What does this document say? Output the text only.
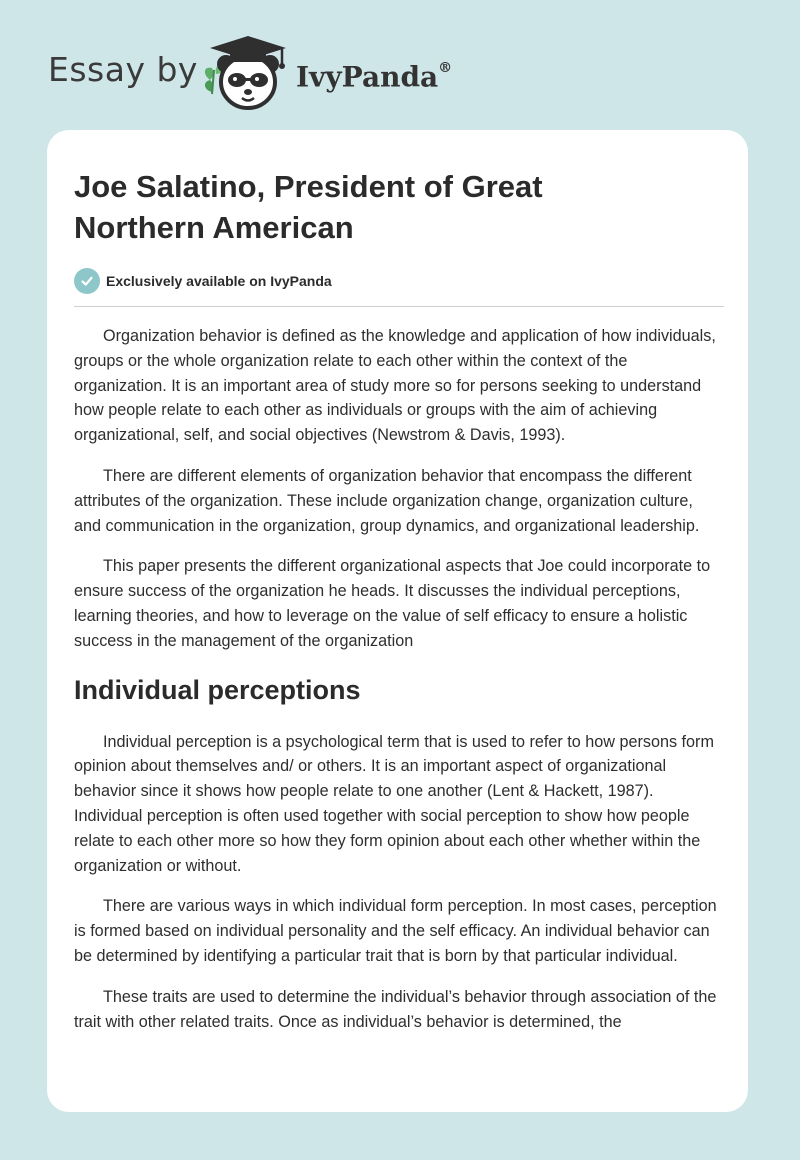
Essay by	IvyPanda®
Joe Salatino, President of Great Northern American
Exclusively available on IvyPanda

Organization behavior is defined as the knowledge and application of how individuals, groups or the whole organization relate to each other within the context of the organization. It is an important area of study more so for persons seeking to understand how people relate to each other as individuals or groups with the aim of achieving organizational, self, and social objectives (Newstrom & Davis, 1993).

There are different elements of organization behavior that encompass the different attributes of the organization. These include organization change, organization culture, and communication in the organization, group dynamics, and organizational leadership.

This paper presents the different organizational aspects that Joe could incorporate to ensure success of the organization he heads. It discusses the individual perceptions, learning theories, and how to leverage on the value of self efficacy to ensure a holistic success in the management of the organization

Individual perceptions

Individual perception is a psychological term that is used to refer to how persons form opinion about themselves and/ or others. It is an important aspect of organizational behavior since it shows how people relate to one another (Lent & Hackett, 1987). Individual perception is often used together with social perception to show how people relate to each other more so how they form opinion about each other whether within the organization or without.

There are various ways in which individual form perception. In most cases, perception is formed based on individual personality and the self efficacy. An individual behavior can be determined by identifying a particular trait that is born by that particular individual.

These traits are used to determine the individual’s behavior through association of the trait with other related traits. Once as individual’s behavior is determined, the
